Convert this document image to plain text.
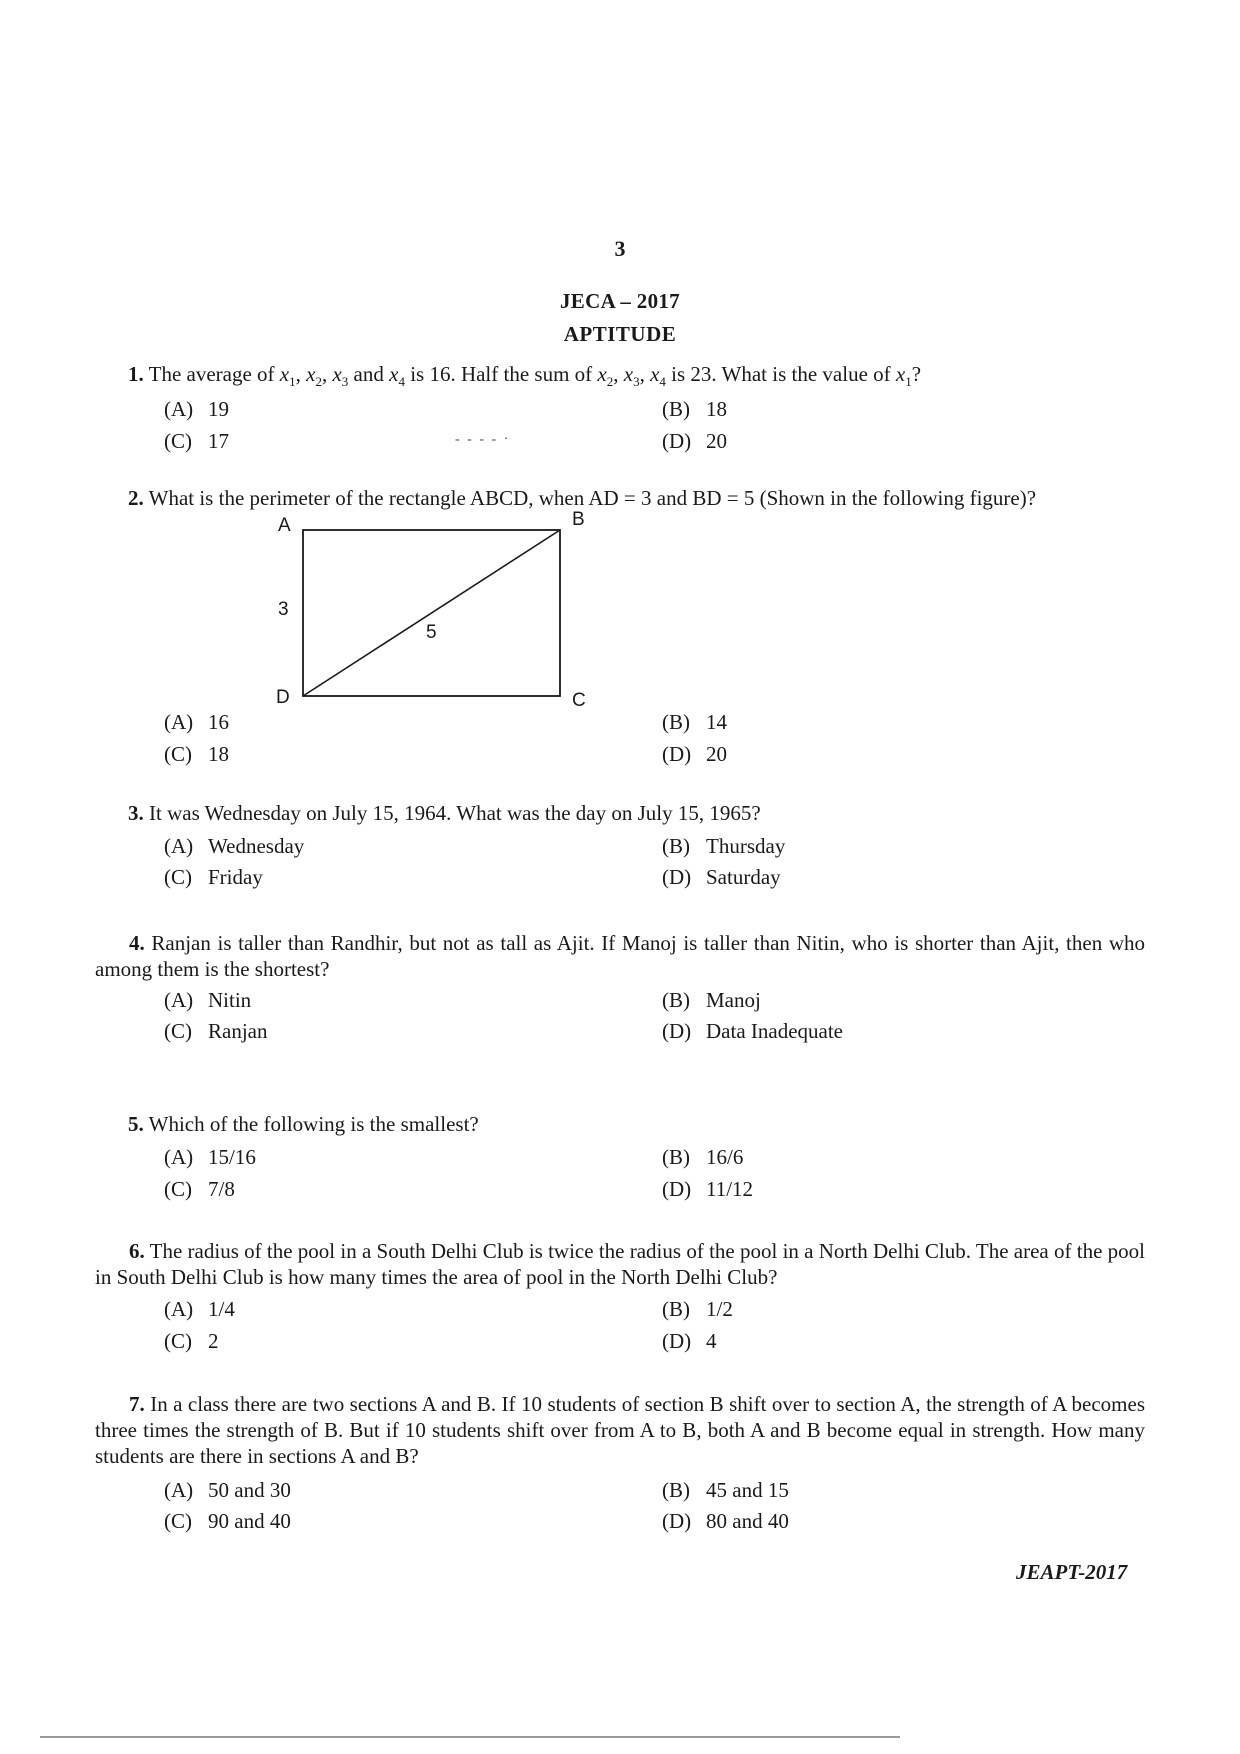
3
JECA – 2017
APTITUDE
1. The average of $x_1$, $x_2$, $x_3$ and $x_4$ is 16. Half the sum of $x_2$, $x_3$, $x_4$ is 23. What is the value of $x_1$?
(A) 19	(B) 18
(C) 17	(D) 20
- - - - ·
2. What is the perimeter of the rectangle ABCD, when AD = 3 and BD = 5 (Shown in the following figure)?
A	B
C
D
3
5
(A) 16	(B) 14
(C) 18	(D) 20
3. It was Wednesday on July 15, 1964. What was the day on July 15, 1965?
(A) Wednesday	(B) Thursday
(C) Friday	(D) Saturday
4. Ranjan is taller than Randhir, but not as tall as Ajit. If Manoj is taller than Nitin, who is shorter than Ajit, then who among them is the shortest?
(A) Nitin	(B) Manoj
(C) Ranjan	(D) Data Inadequate
5. Which of the following is the smallest?
(A) 15/16	(B) 16/6
(C) 7/8	(D) 11/12
6. The radius of the pool in a South Delhi Club is twice the radius of the pool in a North Delhi Club. The area of the pool in South Delhi Club is how many times the area of pool in the North Delhi Club?
(A) 1/4	(B) 1/2
(C) 2	(D) 4
7. In a class there are two sections A and B. If 10 students of section B shift over to section A, the strength of A becomes three times the strength of B. But if 10 students shift over from A to B, both A and B become equal in strength. How many students are there in sections A and B?
(A) 50 and 30	(B) 45 and 15
(C) 90 and 40	(D) 80 and 40
JEAPT-2017
